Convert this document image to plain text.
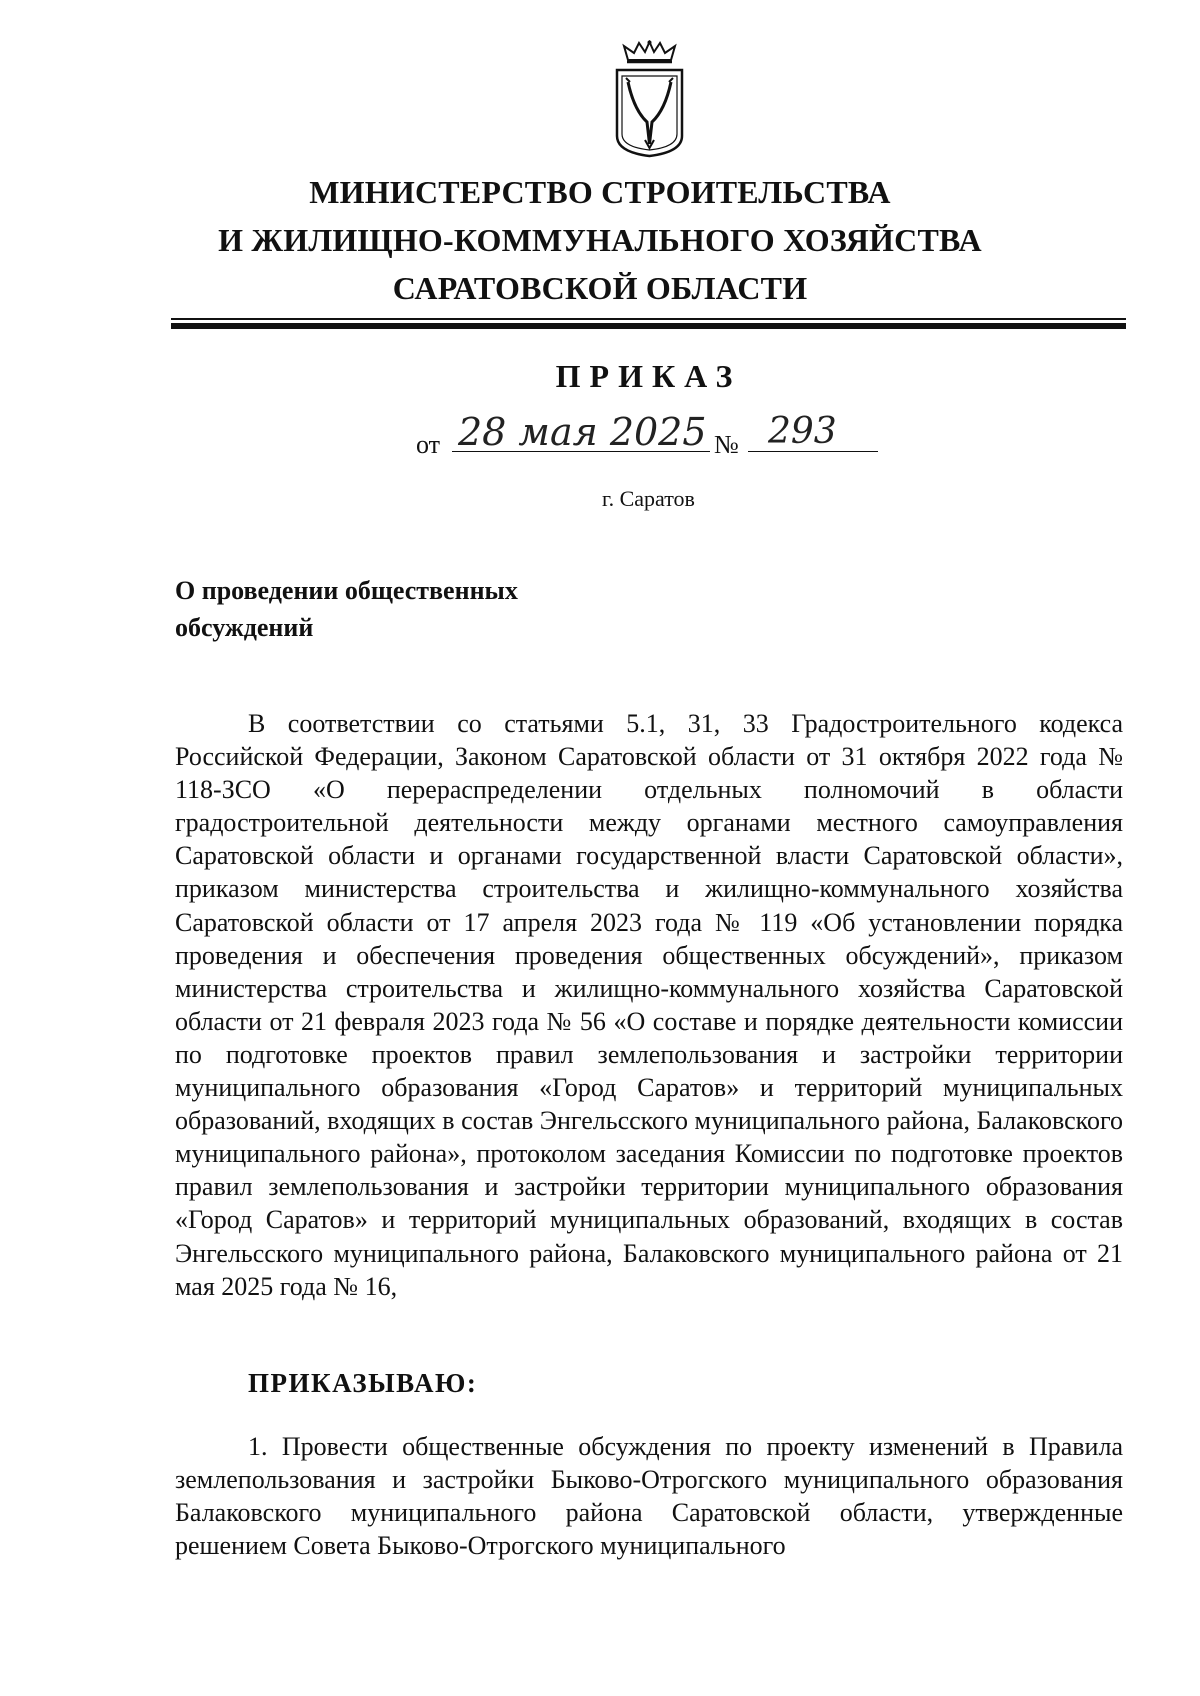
МИНИСТЕРСТВО СТРОИТЕЛЬСТВА
И ЖИЛИЩНО-КОММУНАЛЬНОГО ХОЗЯЙСТВА
САРАТОВСКОЙ ОБЛАСТИ
ПРИКАЗ
от 28 мая 2025 № 293
г. Саратов
О проведении общественных
обсуждений

В соответствии со статьями 5.1, 31, 33 Градостроительного кодекса Российской Федерации, Законом Саратовской области от 31 октября 2022 года № 118-ЗСО «О перераспределении отдельных полномочий в области градостроительной деятельности между органами местного самоуправления Саратовской области и органами государственной власти Саратовской области», приказом министерства строительства и жилищно-коммунального хозяйства Саратовской области от 17 апреля 2023 года № 119 «Об установлении порядка проведения и обеспечения проведения общественных обсуждений», приказом министерства строительства и жилищно-коммунального хозяйства Саратовской области от 21 февраля 2023 года № 56 «О составе и порядке деятельности комиссии по подготовке проектов правил землепользования и застройки территории муниципального образования «Город Саратов» и территорий муниципальных образований, входящих в состав Энгельсского муниципального района, Балаковского муниципального района», протоколом заседания Комиссии по подготовке проектов правил землепользования и застройки территории муниципального образования «Город Саратов» и территорий муниципальных образований, входящих в состав Энгельсского муниципального района, Балаковского муниципального района от 21 мая 2025 года № 16,

ПРИКАЗЫВАЮ:

1. Провести общественные обсуждения по проекту изменений в Правила землепользования и застройки Быково-Отрогского муниципального образования Балаковского муниципального района Саратовской области, утвержденные решением Совета Быково-Отрогского муниципального
